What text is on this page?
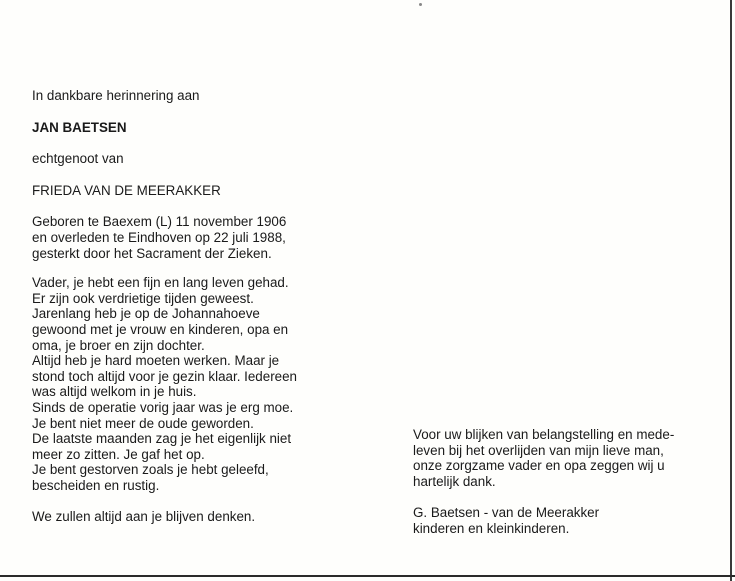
In dankbare herinnering aan

JAN BAETSEN

echtgenoot van

FRIEDA VAN DE MEERAKKER

Geboren te Baexem (L) 11 november 1906

en overleden te Eindhoven op 22 juli 1988,

gesterkt door het Sacrament der Zieken.

Vader, je hebt een fijn en lang leven gehad.

Er zijn ook verdrietige tijden geweest.

Jarenlang heb je op de Johannahoeve

gewoond met je vrouw en kinderen, opa en

oma, je broer en zijn dochter.

Altijd heb je hard moeten werken. Maar je

stond toch altijd voor je gezin klaar. Iedereen

was altijd welkom in je huis.

Sinds de operatie vorig jaar was je erg moe.

Je bent niet meer de oude geworden.

De laatste maanden zag je het eigenlijk niet

meer zo zitten. Je gaf het op.

Je bent gestorven zoals je hebt geleefd,

bescheiden en rustig.

We zullen altijd aan je blijven denken.

Voor uw blijken van belangstelling en mede-

leven bij het overlijden van mijn lieve man,

onze zorgzame vader en opa zeggen wij u

hartelijk dank.

G. Baetsen - van de Meerakker

kinderen en kleinkinderen.
